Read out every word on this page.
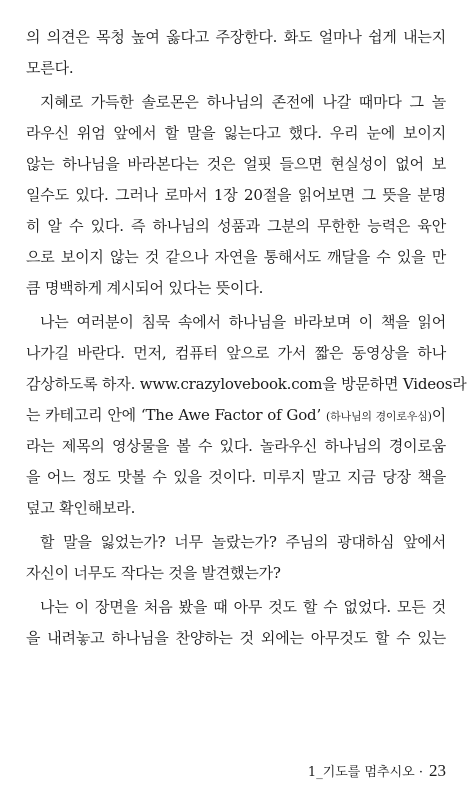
의 의견은 목청 높여 옳다고 주장한다. 화도 얼마나 쉽게 내는지
모른다.
지혜로 가득한 솔로몬은 하나님의 존전에 나갈 때마다 그 놀
라우신 위엄 앞에서 할 말을 잃는다고 했다. 우리 눈에 보이지
않는 하나님을 바라본다는 것은 얼핏 들으면 현실성이 없어 보
일수도 있다. 그러나 로마서 1장 20절을 읽어보면 그 뜻을 분명
히 알 수 있다. 즉 하나님의 성품과 그분의 무한한 능력은 육안
으로 보이지 않는 것 같으나 자연을 통해서도 깨달을 수 있을 만
큼 명백하게 계시되어 있다는 뜻이다.
나는 여러분이 침묵 속에서 하나님을 바라보며 이 책을 읽어
나가길 바란다. 먼저, 컴퓨터 앞으로 가서 짧은 동영상을 하나
감상하도록 하자. www.crazylovebook.com을 방문하면 Videos라
는 카테고리 안에 ‘The Awe Factor of God’ (하나님의 경이로우심)이
라는 제목의 영상물을 볼 수 있다. 놀라우신 하나님의 경이로움
을 어느 정도 맛볼 수 있을 것이다. 미루지 말고 지금 당장 책을
덮고 확인해보라.
할 말을 잃었는가? 너무 놀랐는가? 주님의 광대하심 앞에서
자신이 너무도 작다는 것을 발견했는가?
나는 이 장면을 처음 봤을 때 아무 것도 할 수 없었다. 모든 것
을 내려놓고 하나님을 찬양하는 것 외에는 아무것도 할 수 있는
1_기도를 멈추시오 · 23
